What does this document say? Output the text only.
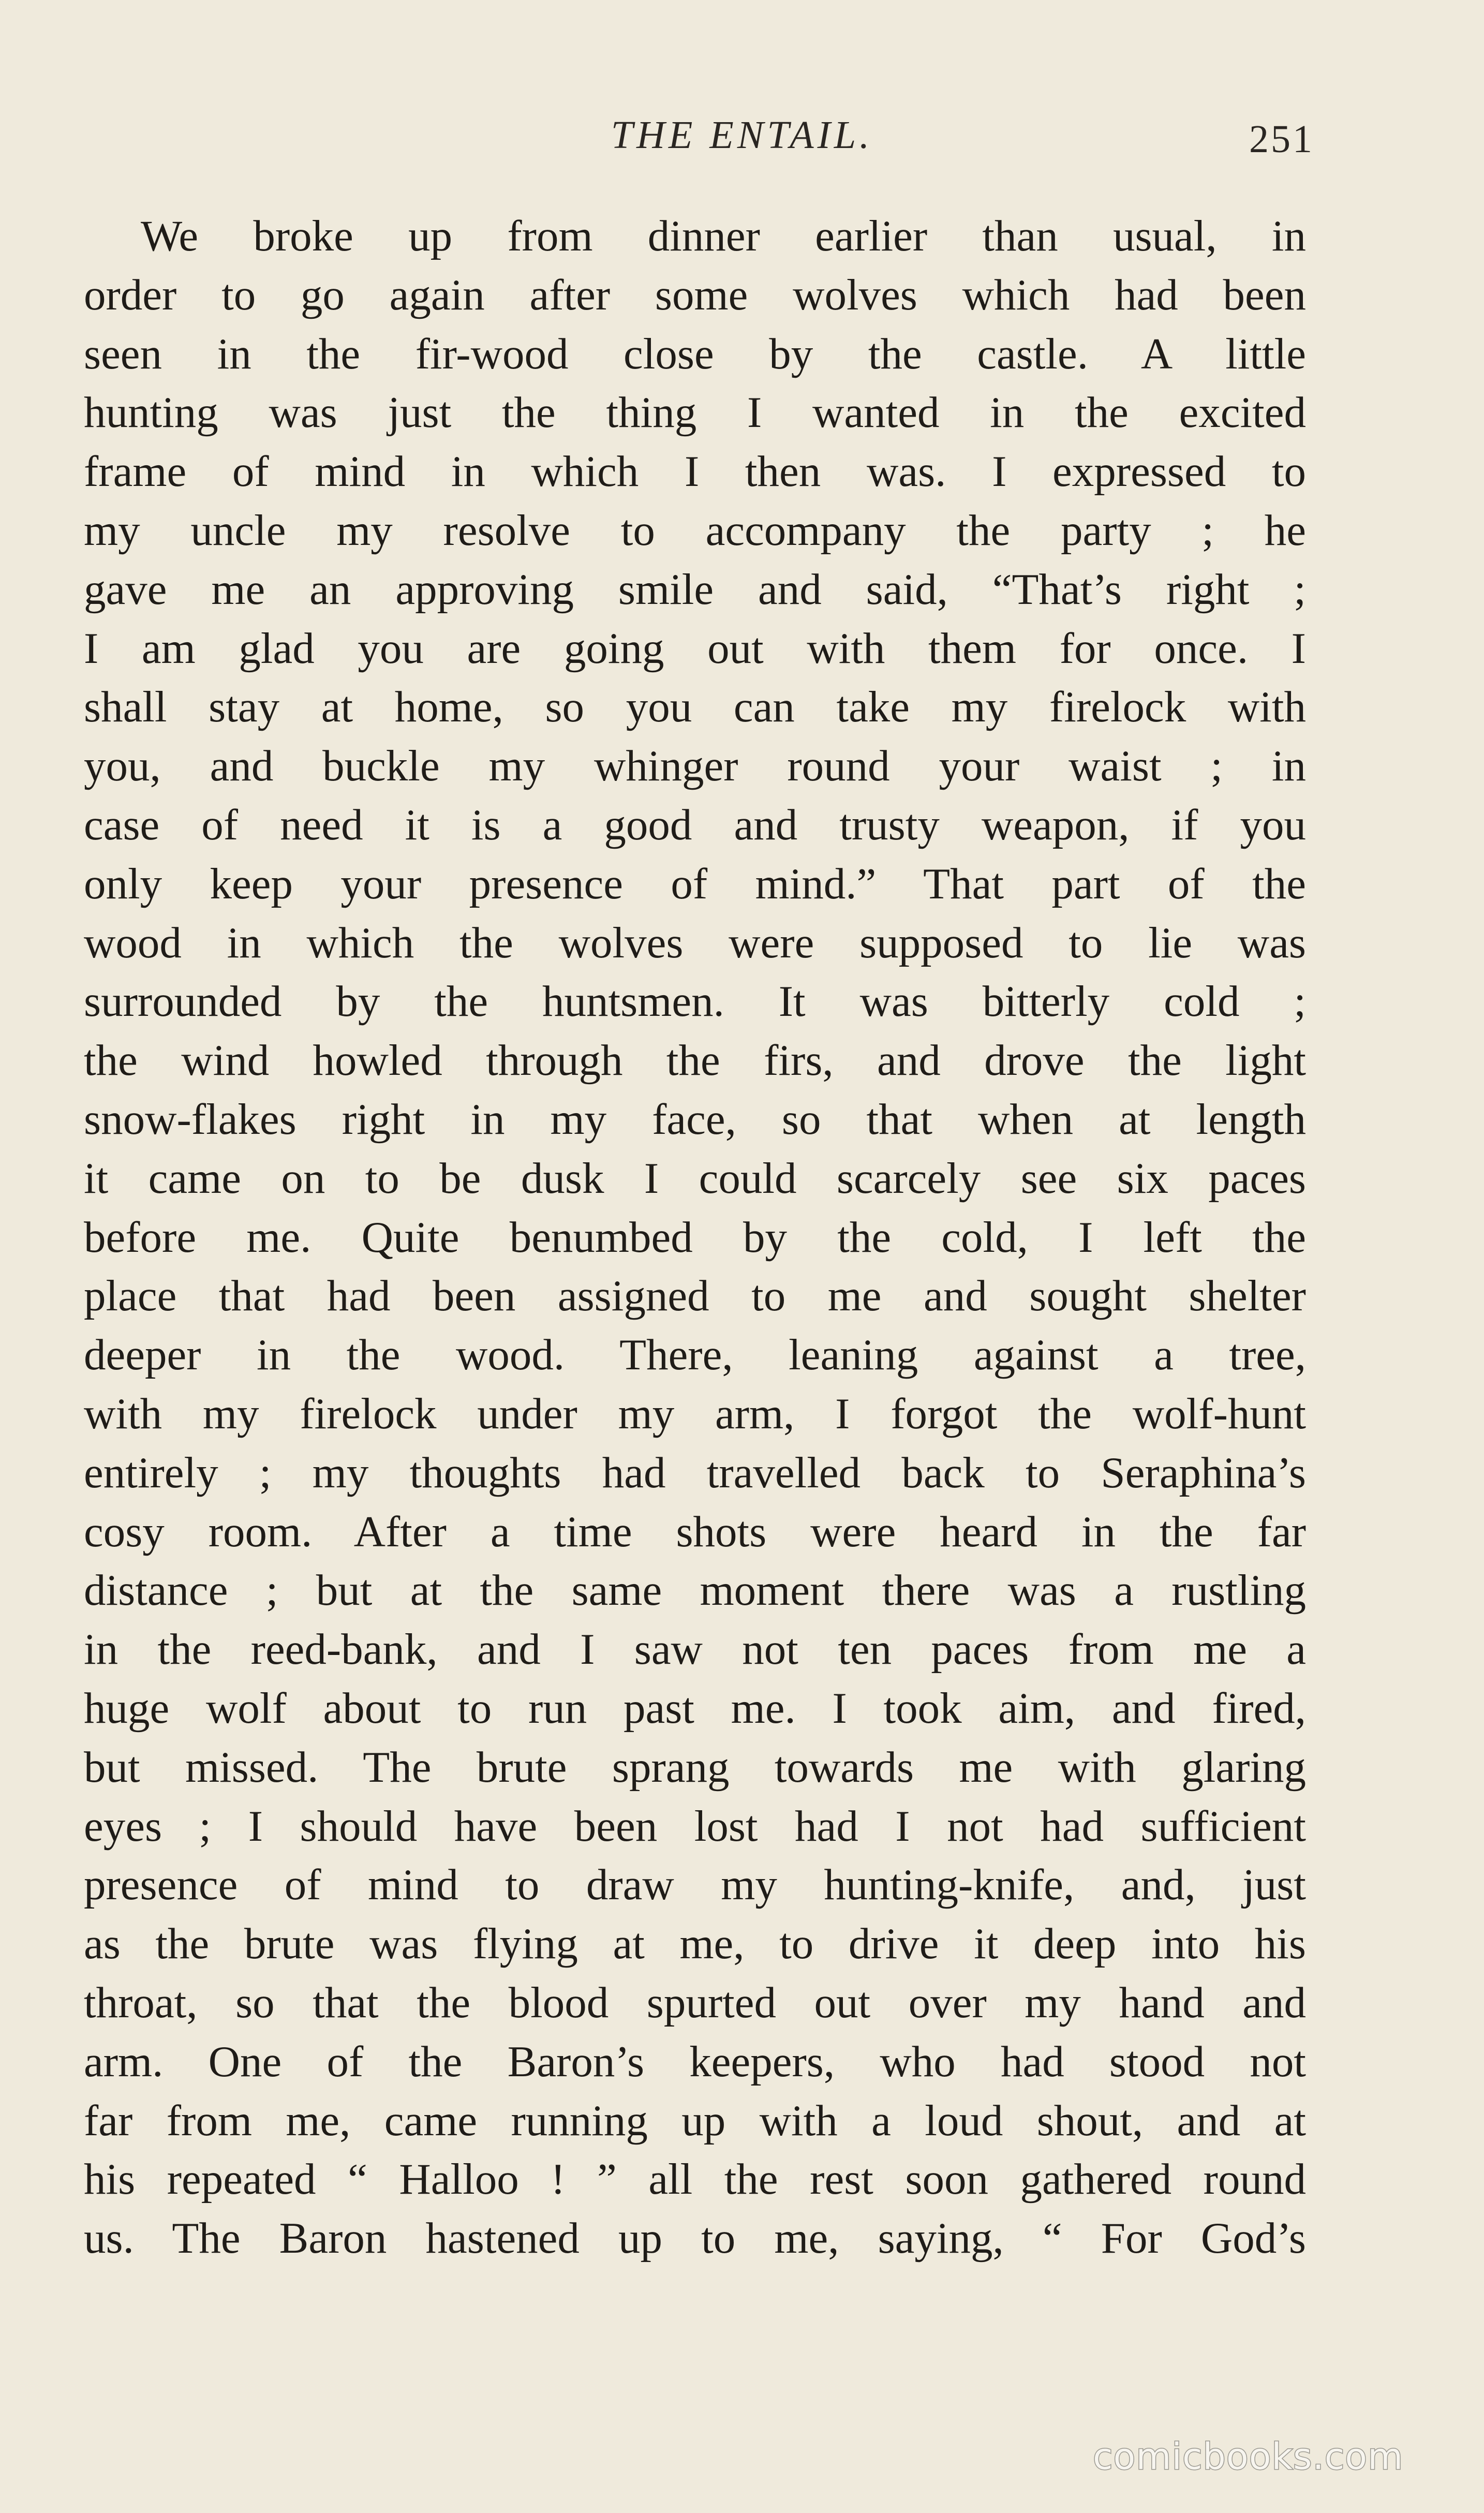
THE ENTAIL.	251
We broke up from dinner earlier than usual, in
order to go again after some wolves which had been
seen in the fir-wood close by the castle. A little
hunting was just the thing I wanted in the excited
frame of mind in which I then was. I expressed to
my uncle my resolve to accompany the party ; he
gave me an approving smile and said, “That’s right ;
I am glad you are going out with them for once. I
shall stay at home, so you can take my firelock with
you, and buckle my whinger round your waist ; in
case of need it is a good and trusty weapon, if you
only keep your presence of mind.” That part of the
wood in which the wolves were supposed to lie was
surrounded by the huntsmen. It was bitterly cold ;
the wind howled through the firs, and drove the light
snow-flakes right in my face, so that when at length
it came on to be dusk I could scarcely see six paces
before me. Quite benumbed by the cold, I left the
place that had been assigned to me and sought shelter
deeper in the wood. There, leaning against a tree,
with my firelock under my arm, I forgot the wolf-hunt
entirely ; my thoughts had travelled back to Seraphina’s
cosy room. After a time shots were heard in the far
distance ; but at the same moment there was a rustling
in the reed-bank, and I saw not ten paces from me a
huge wolf about to run past me. I took aim, and fired,
but missed. The brute sprang towards me with glaring
eyes ; I should have been lost had I not had sufficient
presence of mind to draw my hunting-knife, and, just
as the brute was flying at me, to drive it deep into his
throat, so that the blood spurted out over my hand and
arm. One of the Baron’s keepers, who had stood not
far from me, came running up with a loud shout, and at
his repeated “ Halloo ! ” all the rest soon gathered round
us. The Baron hastened up to me, saying, “ For God’s
comicbooks.com
